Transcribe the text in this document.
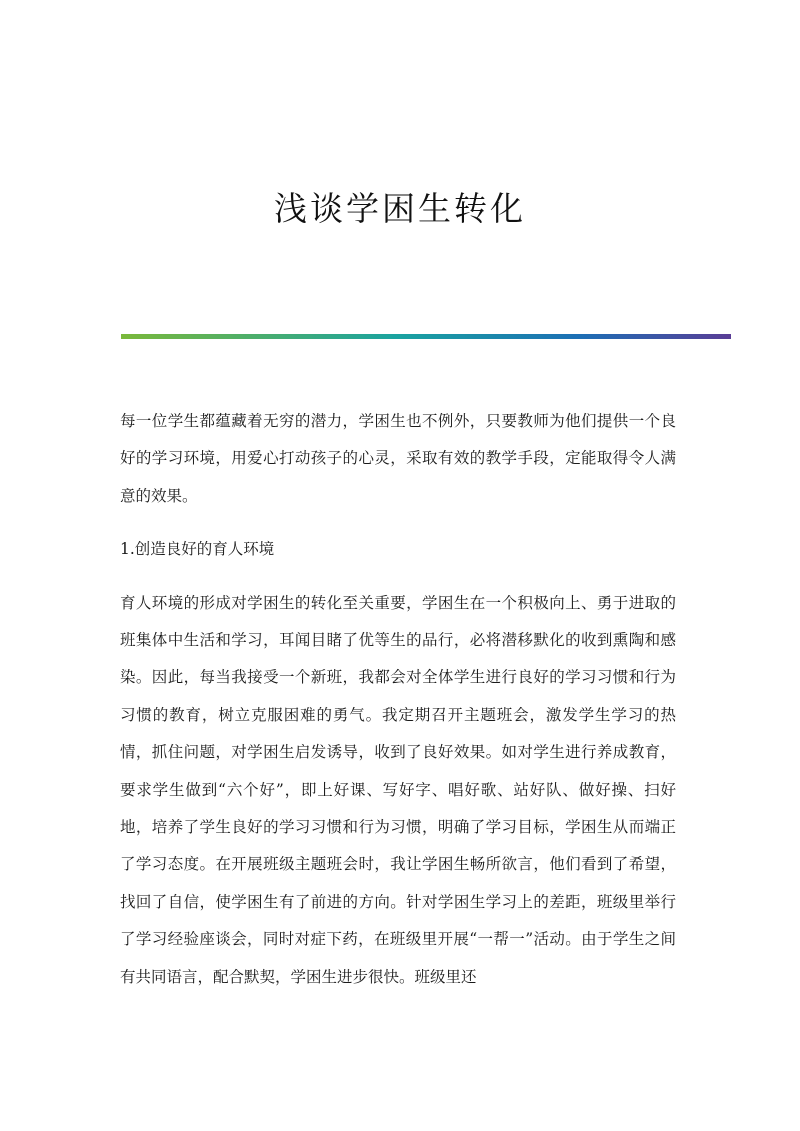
浅谈学困生转化

每一位学生都蕴藏着无穷的潜力，学困生也不例外，只要教师为他们提供一个良好的学习环境，用爱心打动孩子的心灵，采取有效的教学手段，定能取得令人满意的效果。

1.创造良好的育人环境

育人环境的形成对学困生的转化至关重要，学困生在一个积极向上、勇于进取的班集体中生活和学习，耳闻目睹了优等生的品行，必将潜移默化的收到熏陶和感染。因此，每当我接受一个新班，我都会对全体学生进行良好的学习习惯和行为习惯的教育，树立克服困难的勇气。我定期召开主题班会，激发学生学习的热情，抓住问题，对学困生启发诱导，收到了良好效果。如对学生进行养成教育，要求学生做到“六个好”，即上好课、写好字、唱好歌、站好队、做好操、扫好地，培养了学生良好的学习习惯和行为习惯，明确了学习目标，学困生从而端正了学习态度。在开展班级主题班会时，我让学困生畅所欲言，他们看到了希望，找回了自信，使学困生有了前进的方向。针对学困生学习上的差距，班级里举行了学习经验座谈会，同时对症下药，在班级里开展“一帮一”活动。由于学生之间有共同语言，配合默契，学困生进步很快。班级里还
